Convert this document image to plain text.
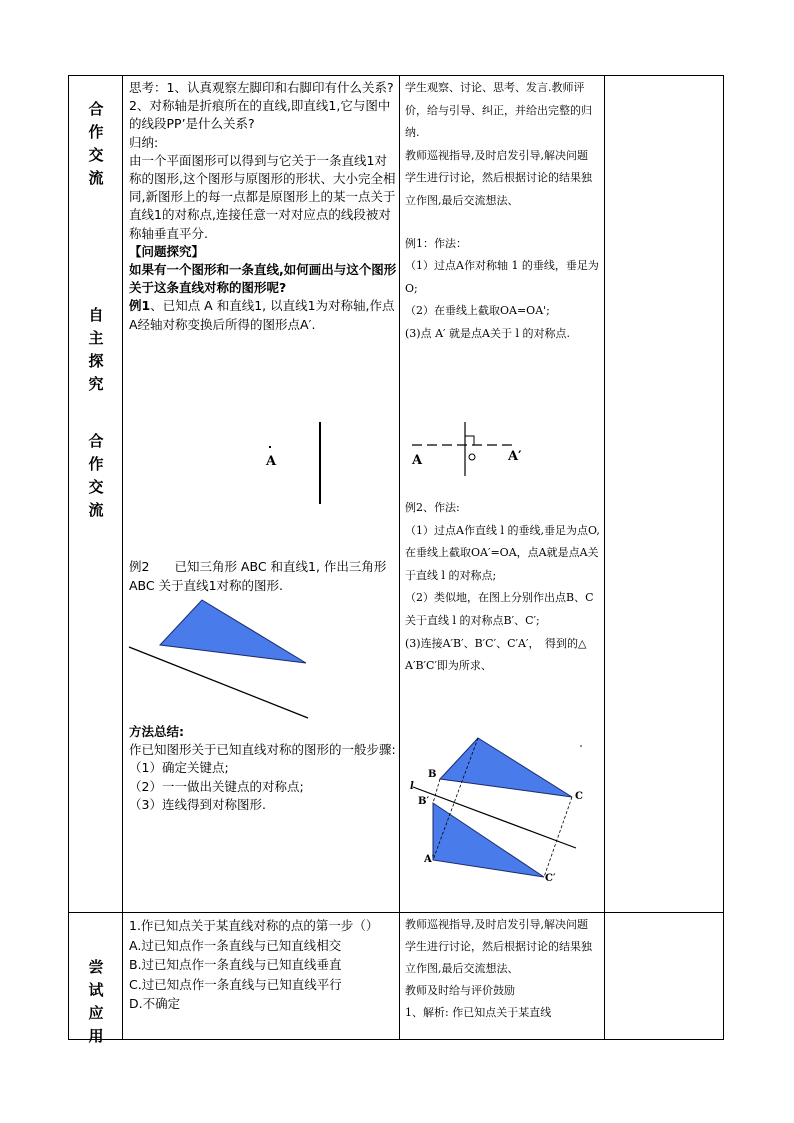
合作交流
自主探究
合作交流
尝试应用

思考：1、认真观察左脚印和右脚印有什么关系?

2、对称轴是折痕所在的直线,即直线1,它与图中的线段PP’是什么关系?

归纳:

由一个平面图形可以得到与它关于一条直线1对称的图形,这个图形与原图形的形状、大小完全相同,新图形上的每一点都是原图形上的某一点关于直线1的对称点,连接任意一对对应点的线段被对称轴垂直平分.

【问题探究】

如果有一个图形和一条直线,如何画出与这个图形关于这条直线对称的图形呢?

例1、已知点 A 和直线1, 以直线1为对称轴,作点A经轴对称变换后所得的图形点A′.

A

例2　　已知三角形 ABC 和直线1, 作出三角形 ABC 关于直线1对称的图形.

方法总结:

作已知图形关于已知直线对称的图形的一般步骤:

（1）确定关键点;

（2）一一做出关键点的对称点;

（3）连线得到对称图形.

学生观察、讨论、思考、发言.教师评价，给与引导、纠正，并给出完整的归纳.

教师巡视指导,及时启发引导,解决问题

学生进行讨论，然后根据讨论的结果独立作图,最后交流想法、

例1：作法：

（1）过点A作对称轴 1 的垂线，垂足为O;

（2）在垂线上截取OA=OA';

(3)点 A′ 就是点A关于 l 的对称点.

A	A′

例2、作法:

（1）过点A作直线 l 的垂线,垂足为点O,在垂线上截取OA′=OA，点A就是点A关于直线 l 的对称点;

（2）类似地，在图上分别作出点B、C关于直线 l 的对称点B′、C′;

(3)连接A′B′、B′C′、C′A′，　得到的△ A′B′C′即为所求、

B
C
l
B′
A′
C′

1.作已知点关于某直线对称的点的第一步（）

A.过已知点作一条直线与已知直线相交

B.过已知点作一条直线与已知直线垂直

C.过已知点作一条直线与已知直线平行

D.不确定

教师巡视指导,及时启发引导,解决问题

学生进行讨论，然后根据讨论的结果独立作图,最后交流想法、

教师及时给与评价鼓励

1、解析: 作已知点关于某直线
